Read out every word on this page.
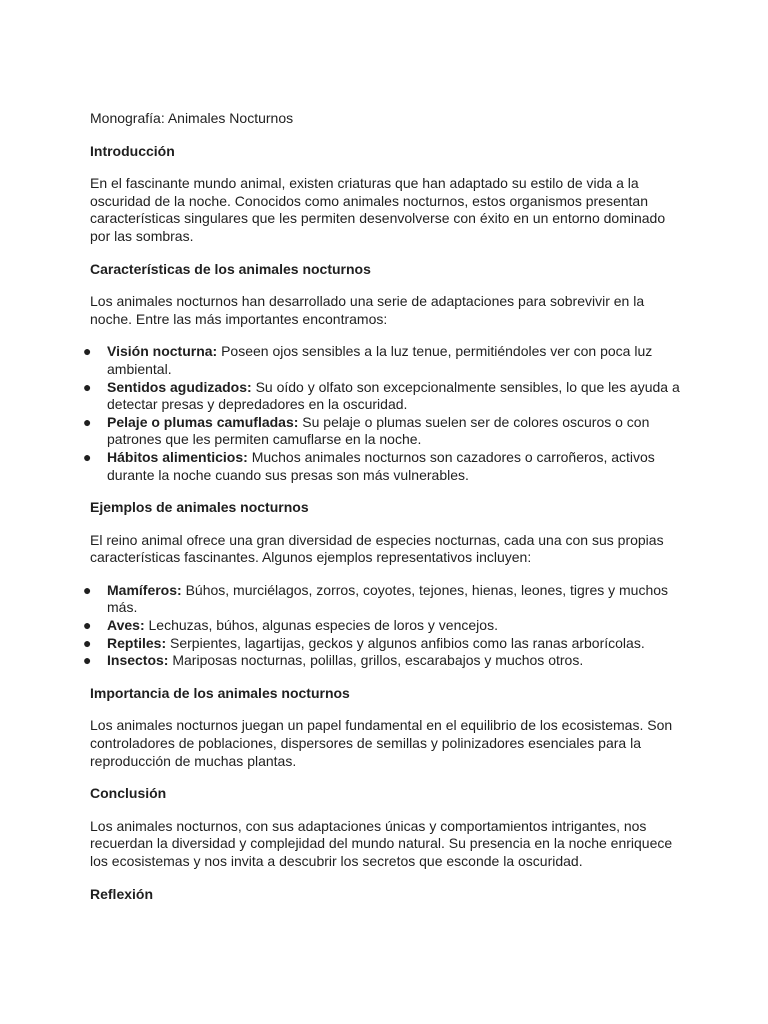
Monografía: Animales Nocturnos

Introducción

En el fascinante mundo animal, existen criaturas que han adaptado su estilo de vida a la oscuridad de la noche. Conocidos como animales nocturnos, estos organismos presentan características singulares que les permiten desenvolverse con éxito en un entorno dominado por las sombras.

Características de los animales nocturnos

Los animales nocturnos han desarrollado una serie de adaptaciones para sobrevivir en la noche. Entre las más importantes encontramos:

● Visión nocturna: Poseen ojos sensibles a la luz tenue, permitiéndoles ver con poca luz ambiental.
● Sentidos agudizados: Su oído y olfato son excepcionalmente sensibles, lo que les ayuda a detectar presas y depredadores en la oscuridad.
● Pelaje o plumas camufladas: Su pelaje o plumas suelen ser de colores oscuros o con patrones que les permiten camuflarse en la noche.
● Hábitos alimenticios: Muchos animales nocturnos son cazadores o carroñeros, activos durante la noche cuando sus presas son más vulnerables.

Ejemplos de animales nocturnos

El reino animal ofrece una gran diversidad de especies nocturnas, cada una con sus propias características fascinantes. Algunos ejemplos representativos incluyen:

● Mamíferos: Búhos, murciélagos, zorros, coyotes, tejones, hienas, leones, tigres y muchos más.
● Aves: Lechuzas, búhos, algunas especies de loros y vencejos.
● Reptiles: Serpientes, lagartijas, geckos y algunos anfibios como las ranas arborícolas.
● Insectos: Mariposas nocturnas, polillas, grillos, escarabajos y muchos otros.

Importancia de los animales nocturnos

Los animales nocturnos juegan un papel fundamental en el equilibrio de los ecosistemas. Son controladores de poblaciones, dispersores de semillas y polinizadores esenciales para la reproducción de muchas plantas.

Conclusión

Los animales nocturnos, con sus adaptaciones únicas y comportamientos intrigantes, nos recuerdan la diversidad y complejidad del mundo natural. Su presencia en la noche enriquece los ecosistemas y nos invita a descubrir los secretos que esconde la oscuridad.

Reflexión
